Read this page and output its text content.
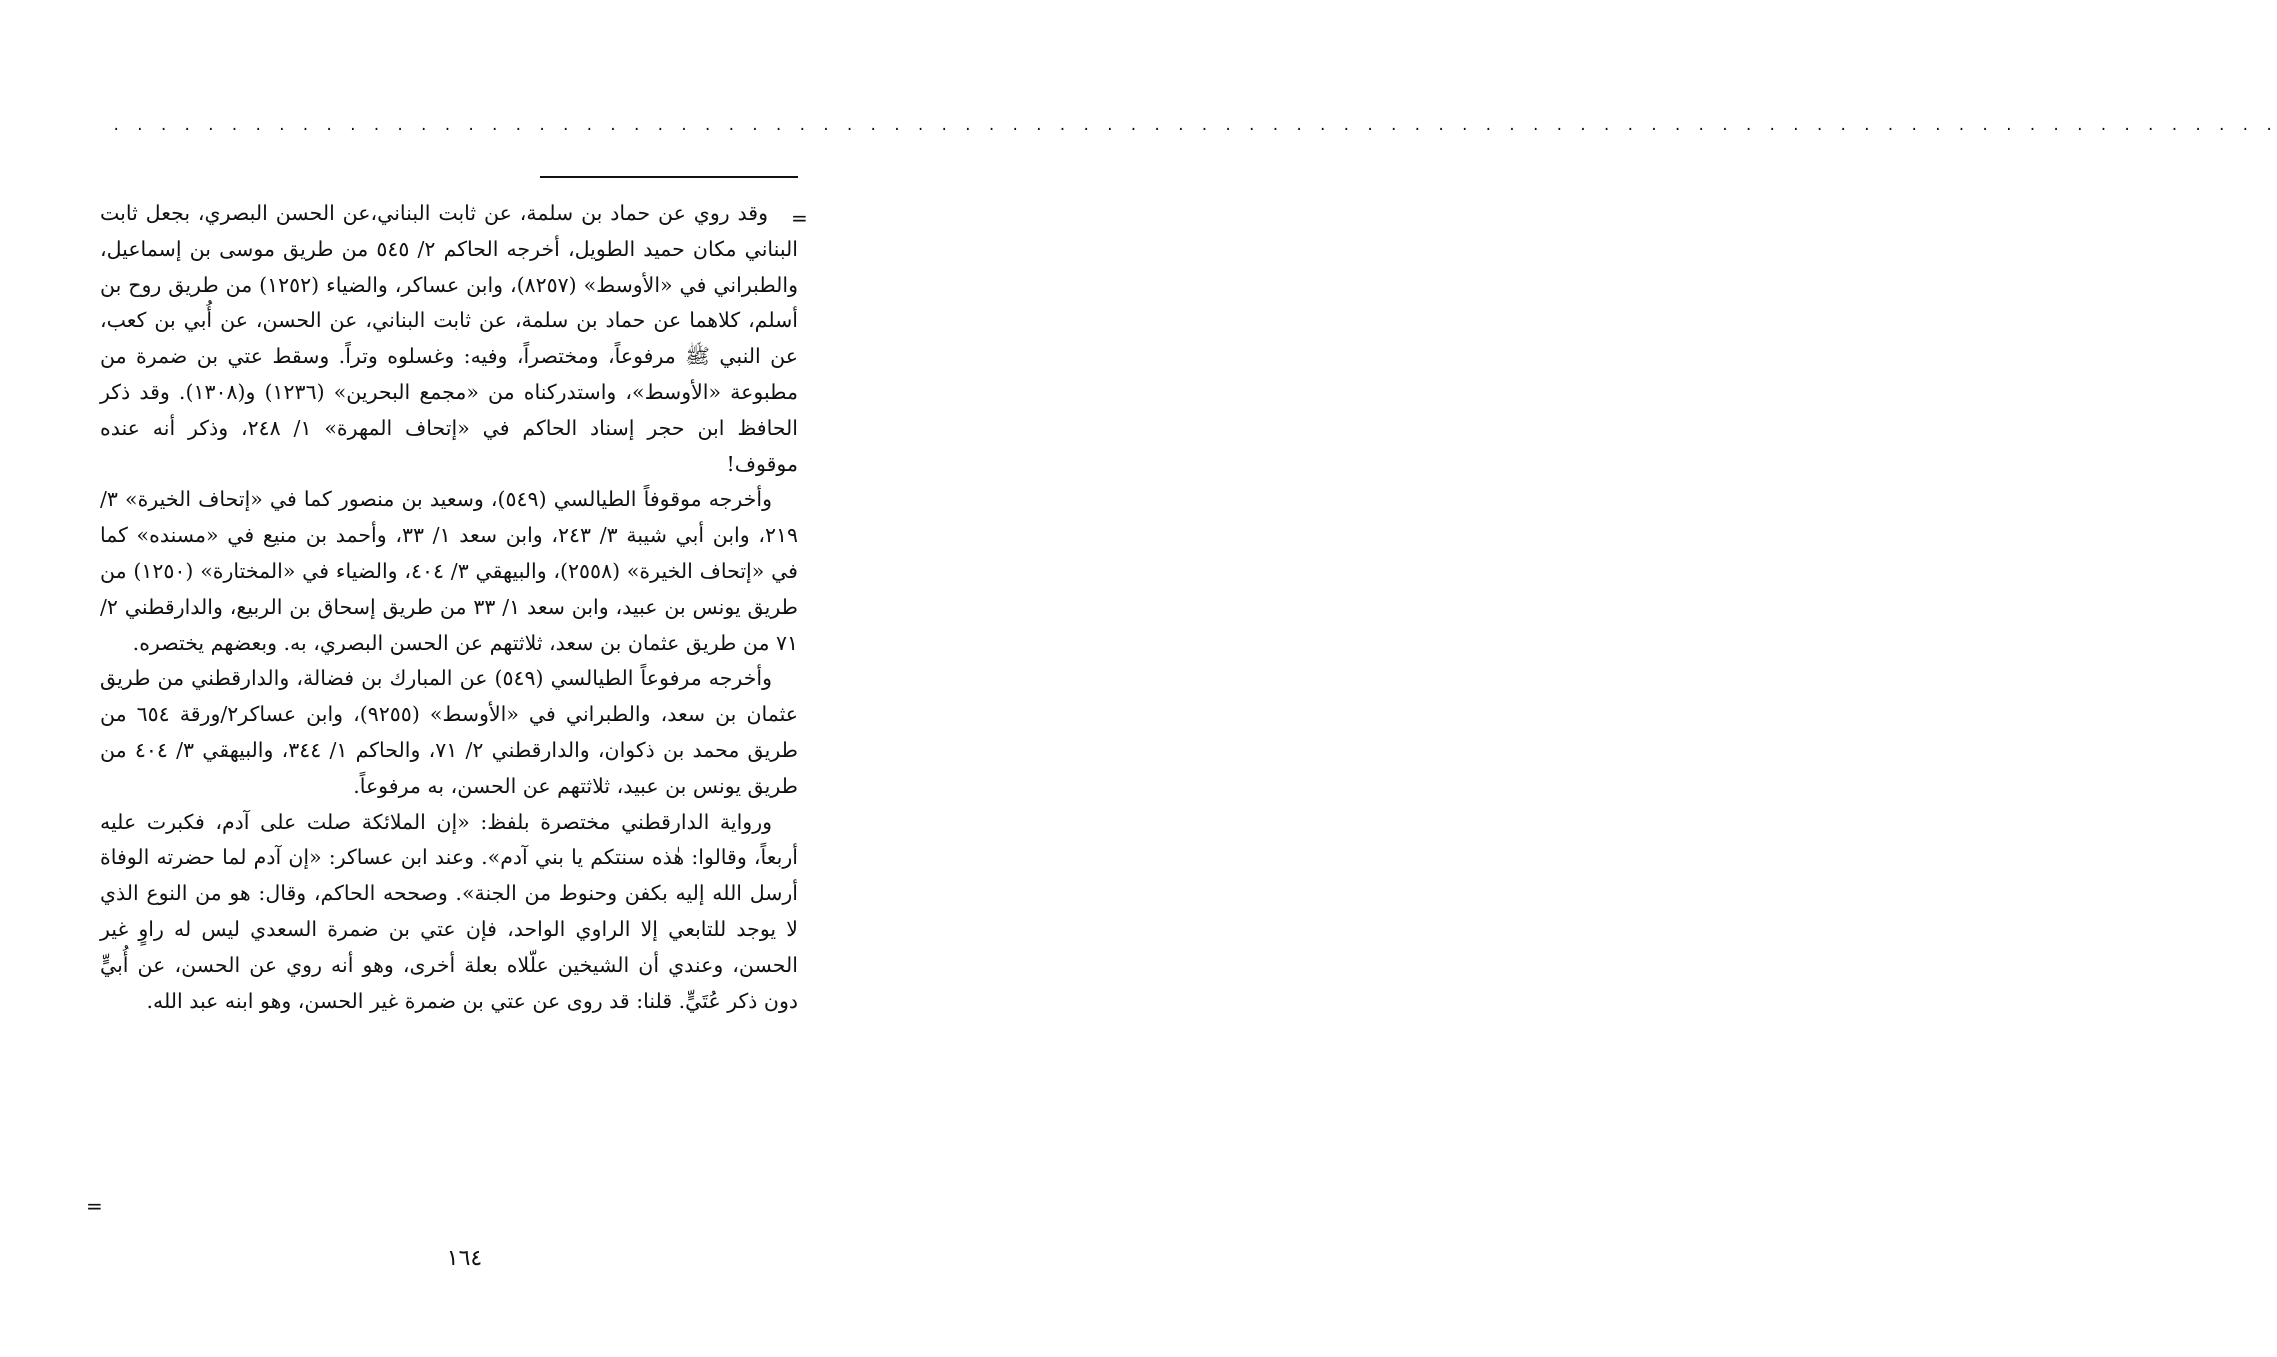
. . . . . . . . . . . . . . . . . . . . . . . . . . . . . . . . . . . . . . . . . . . . . . . . . . . . . . . . . . . . . . . . . . . . . . . . . . . . . . . . . . . . . . . . . . . .
=

وقد روي عن حماد بن سلمة، عن ثابت البناني،عن الحسن البصري، بجعل ثابت البناني مكان حميد الطويل، أخرجه الحاكم ٢/ ٥٤٥ من طريق موسى بن إسماعيل، والطبراني في «الأوسط» (٨٢٥٧)، وابن عساكر، والضياء (١٢٥٢) من طريق روح بن أسلم، كلاهما عن حماد بن سلمة، عن ثابت البناني، عن الحسن، عن أُبي بن كعب، عن النبي ﷺ مرفوعاً، ومختصراً، وفيه: وغسلوه وتراً. وسقط عتي بن ضمرة من مطبوعة «الأوسط»، واستدركناه من «مجمع البحرين» (١٢٣٦) و(١٣٠٨). وقد ذكر الحافظ ابن حجر إسناد الحاكم في «إتحاف المهرة» ١/ ٢٤٨، وذكر أنه عنده موقوف!

وأخرجه موقوفاً الطيالسي (٥٤٩)، وسعيد بن منصور كما في «إتحاف الخيرة» ٣/ ٢١٩، وابن أبي شيبة ٣/ ٢٤٣، وابن سعد ١/ ٣٣، وأحمد بن منيع في «مسنده» كما في «إتحاف الخيرة» (٢٥٥٨)، والبيهقي ٣/ ٤٠٤، والضياء في «المختارة» (١٢٥٠) من طريق يونس بن عبيد، وابن سعد ١/ ٣٣ من طريق إسحاق بن الربيع، والدارقطني ٢/ ٧١ من طريق عثمان بن سعد، ثلاثتهم عن الحسن البصري، به. وبعضهم يختصره.

وأخرجه مرفوعاً الطيالسي (٥٤٩) عن المبارك بن فضالة، والدارقطني من طريق عثمان بن سعد، والطبراني في «الأوسط» (٩٢٥٥)، وابن عساكر٢/ورقة ٦٥٤ من طريق محمد بن ذكوان، والدارقطني ٢/ ٧١، والحاكم ١/ ٣٤٤، والبيهقي ٣/ ٤٠٤ من طريق يونس بن عبيد، ثلاثتهم عن الحسن، به مرفوعاً.

ورواية الدارقطني مختصرة بلفظ: «إن الملائكة صلت على آدم، فكبرت عليه أربعاً، وقالوا: هٰذه سنتكم يا بني آدم». وعند ابن عساكر: «إن آدم لما حضرته الوفاة أرسل الله إليه بكفن وحنوط من الجنة». وصححه الحاكم، وقال: هو من النوع الذي لا يوجد للتابعي إلا الراوي الواحد، فإن عتي بن ضمرة السعدي ليس له راوٍ غير الحسن، وعندي أن الشيخين علّلاه بعلة أخرى، وهو أنه روي عن الحسن، عن أُبيٍّ دون ذكر عُتَيٍّ. قلنا: قد روى عن عتي بن ضمرة غير الحسن، وهو ابنه عبد الله.

=
١٦٤
